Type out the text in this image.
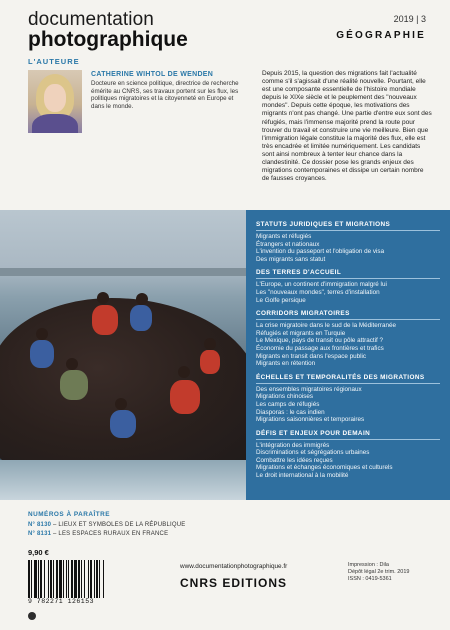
documentation
photographique
2019 | 3
GÉOGRAPHIE
L'AUTEURE
CATHERINE WIHTOL DE WENDEN
Docteure en science politique, directrice de recherche émérite au CNRS, ses travaux portent sur les flux, les politiques migratoires et la citoyenneté en Europe et dans le monde.
Depuis 2015, la question des migrations fait l'actualité comme s'il s'agissait d'une réalité nouvelle. Pourtant, elle est une composante essentielle de l'histoire mondiale depuis le XIXe siècle et le peuplement des "nouveaux mondes". Depuis cette époque, les motivations des migrants n'ont pas changé. Une partie d'entre eux sont des réfugiés, mais l'immense majorité prend la route pour trouver du travail et construire une vie meilleure. Bien que l'immigration légale constitue la majorité des flux, elle est très encadrée et limitée numériquement. Les candidats sont ainsi nombreux à tenter leur chance dans la clandestinité. Ce dossier pose les grands enjeux des migrations contemporaines et dissipe un certain nombre de fausses croyances.
STATUTS JURIDIQUES ET MIGRATIONS
Migrants et réfugiés
Étrangers et nationaux
L'invention du passeport et l'obligation de visa
Des migrants sans statut
DES TERRES D'ACCUEIL
L'Europe, un continent d'immigration malgré lui
Les "nouveaux mondes", terres d'installation
Le Golfe persique
CORRIDORS MIGRATOIRES
La crise migratoire dans le sud de la Méditerranée
Réfugiés et migrants en Turquie
Le Mexique, pays de transit ou pôle attractif ?
Économie du passage aux frontières et trafics
Migrants en transit dans l'espace public
Migrants en rétention
ÉCHELLES ET TEMPORALITÉS DES MIGRATIONS
Des ensembles migratoires régionaux
Migrations chinoises
Les camps de réfugiés
Diasporas : le cas indien
Migrations saisonnières et temporaires
DÉFIS ET ENJEUX POUR DEMAIN
L'intégration des immigrés
Discriminations et ségrégations urbaines
Combattre les idées reçues
Migrations et échanges économiques et culturels
Le droit international à la mobilité
NUMÉROS À PARAÎTRE
N° 8130 – LIEUX ET SYMBOLES DE LA RÉPUBLIQUE
N° 8131 – LES ESPACES RURAUX EN FRANCE
9,90 €
9 782271 126153
www.documentationphotographique.fr
CNRS EDITIONS
Impression : Dila
Dépôt légal 2e trim. 2019
ISSN : 0419-5361
